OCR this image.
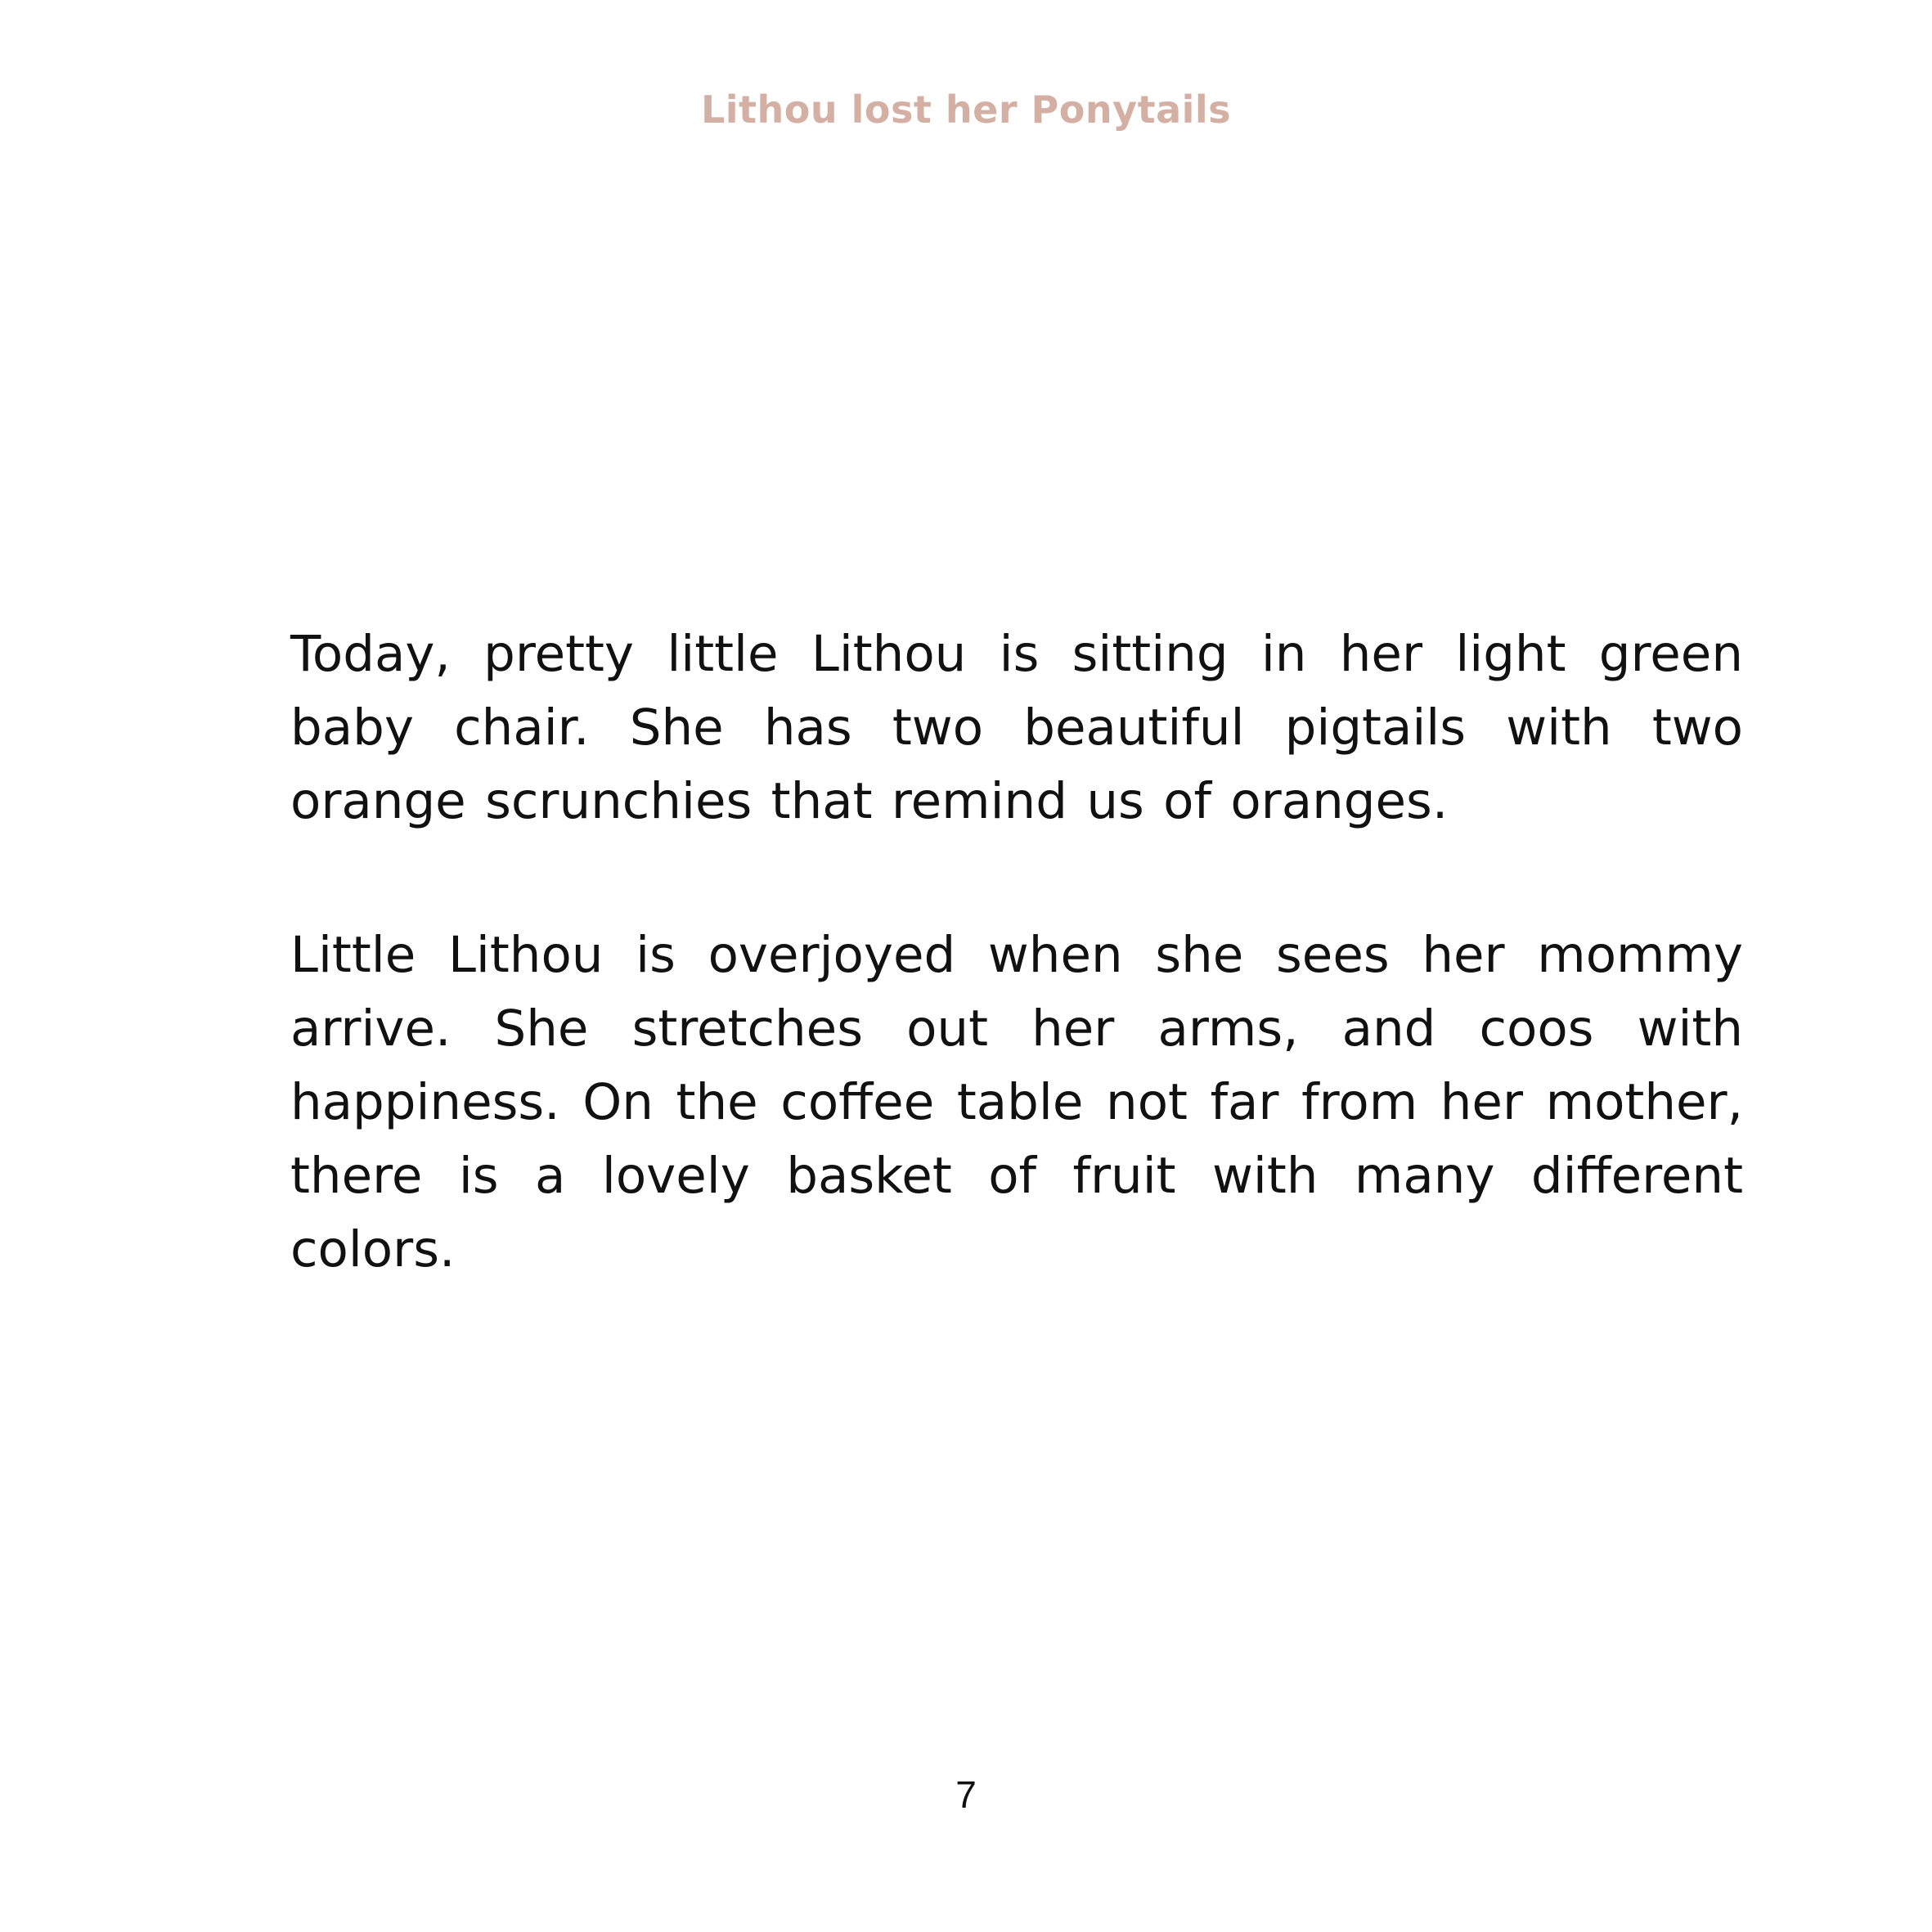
Lithou lost her Ponytails

Today, pretty little Lithou is sitting in her light green baby chair. She has two beautiful pigtails with two orange scrunchies that remind us of oranges.

Little Lithou is overjoyed when she sees her mommy arrive. She stretches out her arms, and coos with happiness. On the coffee table not far from her mother, there is a lovely basket of fruit with many different colors.

7
